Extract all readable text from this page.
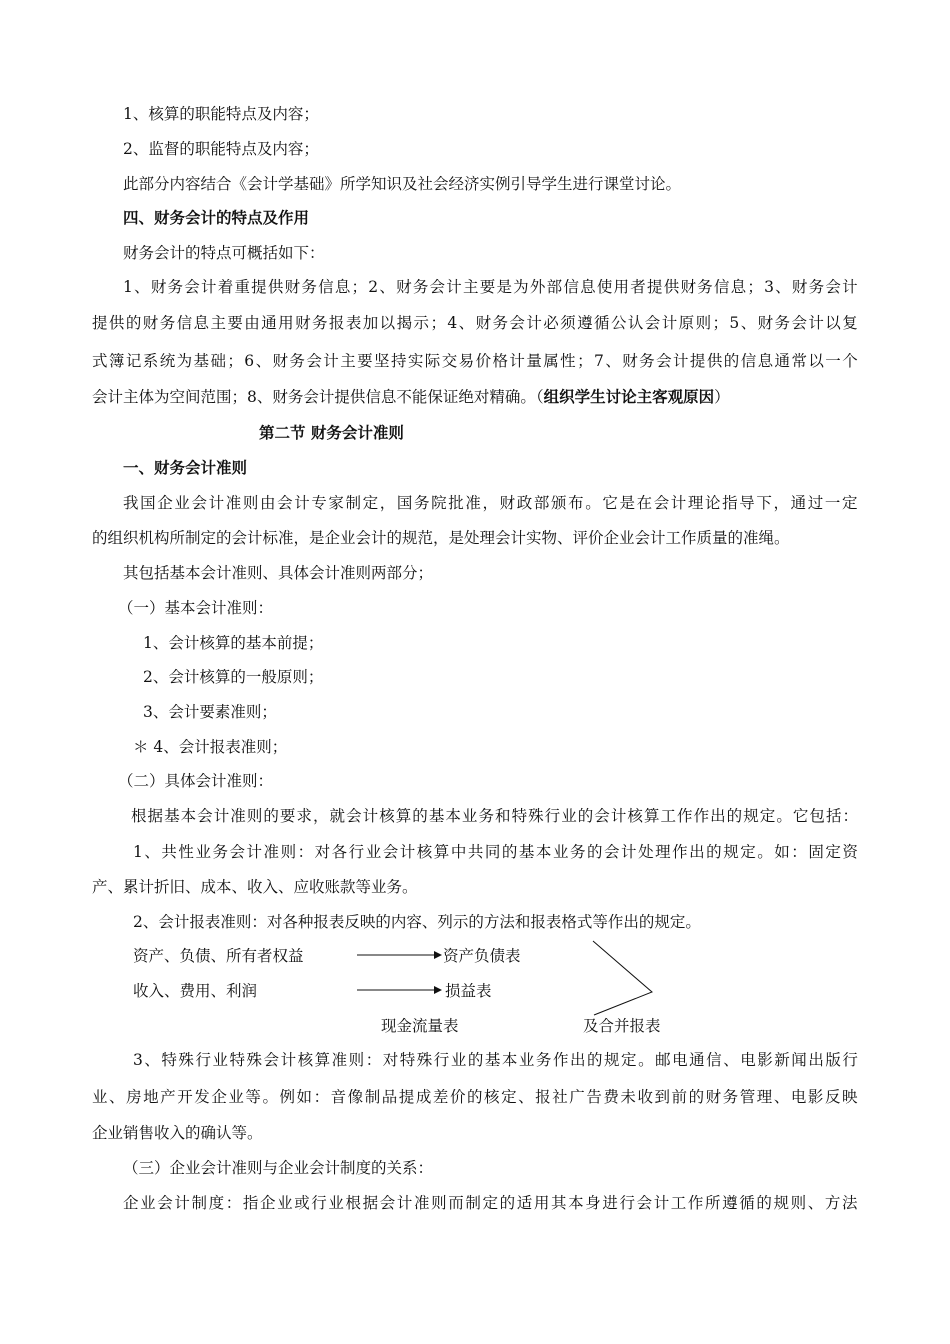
1、核算的职能特点及内容；
2、监督的职能特点及内容；
此部分内容结合《会计学基础》所学知识及社会经济实例引导学生进行课堂讨论。
四、财务会计的特点及作用
财务会计的特点可概括如下：
1、财务会计着重提供财务信息；2、财务会计主要是为外部信息使用者提供财务信息；3、财务会计
提供的财务信息主要由通用财务报表加以揭示；4、财务会计必须遵循公认会计原则；5、财务会计以复
式簿记系统为基础；6、财务会计主要坚持实际交易价格计量属性；7、财务会计提供的信息通常以一个
会计主体为空间范围；8、财务会计提供信息不能保证绝对精确。（组织学生讨论主客观原因）
第二节 财务会计准则
一、财务会计准则
我国企业会计准则由会计专家制定，国务院批准，财政部颁布。它是在会计理论指导下，通过一定
的组织机构所制定的会计标准，是企业会计的规范，是处理会计实物、评价企业会计工作质量的准绳。
其包括基本会计准则、具体会计准则两部分；
（一）基本会计准则：
1、会计核算的基本前提；
2、会计核算的一般原则；
3、会计要素准则；
＊ 4、会计报表准则；
（二）具体会计准则：
根据基本会计准则的要求，就会计核算的基本业务和特殊行业的会计核算工作作出的规定。它包括：
1、共性业务会计准则：对各行业会计核算中共同的基本业务的会计处理作出的规定。如：固定资
产、累计折旧、成本、收入、应收账款等业务。
2、会计报表准则：对各种报表反映的内容、列示的方法和报表格式等作出的规定。
资产、负债、所有者权益	资产负债表
收入、费用、利润	损益表
现金流量表	及合并报表
3、特殊行业特殊会计核算准则：对特殊行业的基本业务作出的规定。邮电通信、电影新闻出版行
业、房地产开发企业等。例如：音像制品提成差价的核定、报社广告费未收到前的财务管理、电影反映
企业销售收入的确认等。
（三）企业会计准则与企业会计制度的关系：
企业会计制度：指企业或行业根据会计准则而制定的适用其本身进行会计工作所遵循的规则、方法
